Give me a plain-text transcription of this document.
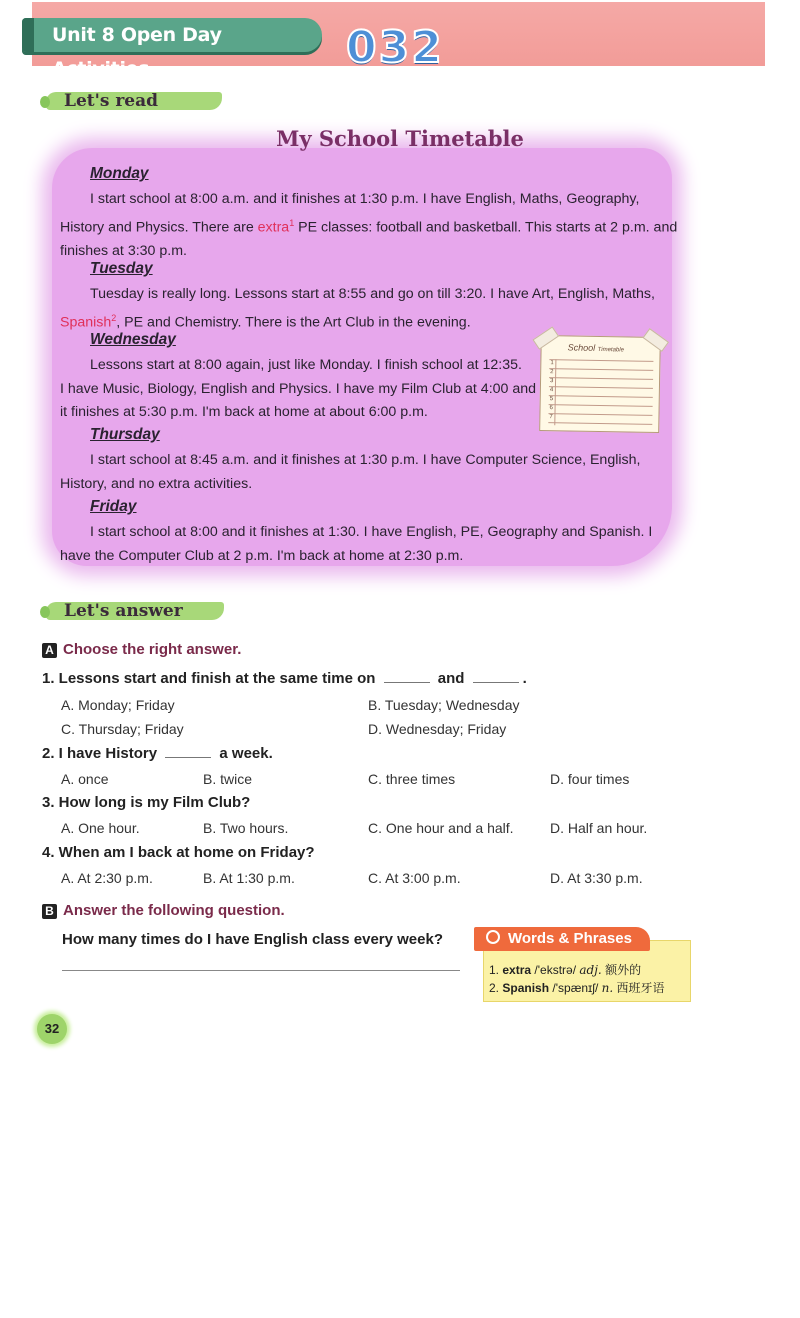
Unit 8 Open Day Activities	032
Let's read
My School Timetable
Monday
I start school at 8:00 a.m. and it finishes at 1:30 p.m. I have English, Maths, Geography,
History and Physics. There are extra$^1$ PE classes: football and basketball. This starts at 2 p.m. and
finishes at 3:30 p.m.
Tuesday
Tuesday is really long. Lessons start at 8:55 and go on till 3:20. I have Art, English, Maths,
Spanish$^2$, PE and Chemistry. There is the Art Club in the evening.
Wednesday
Lessons start at 8:00 again, just like Monday. I finish school at 12:35.
I have Music, Biology, English and Physics. I have my Film Club at 4:00 and
it finishes at 5:30 p.m. I'm back at home at about 6:00 p.m.
School Timetable
1
2
3
4
5
6
7
Thursday
I start school at 8:45 a.m. and it finishes at 1:30 p.m. I have Computer Science, English,
History, and no extra activities.
Friday
I start school at 8:00 and it finishes at 1:30. I have English, PE, Geography and Spanish. I
have the Computer Club at 2 p.m. I'm back at home at 2:30 p.m.
Let's answer
A Choose the right answer.
1. Lessons start and finish at the same time on	and	.
A. Monday; Friday	B. Tuesday; Wednesday
C. Thursday; Friday	D. Wednesday; Friday
2. I have History	a week.
A. once	B. twice	C. three times	D. four times
3. How long is my Film Club?
A. One hour.	B. Two hours.	C. One hour and a half.	D. Half an hour.
4. When am I back at home on Friday?
A. At 2:30 p.m.	B. At 1:30 p.m.	C. At 3:00 p.m.	D. At 3:30 p.m.
B Answer the following question.
How many times do I have English class every week?	Words & Phrases
1. extra /'ekstrə/ adj. 额外的
2. Spanish /'spænɪʃ/ n. 西班牙语
32
